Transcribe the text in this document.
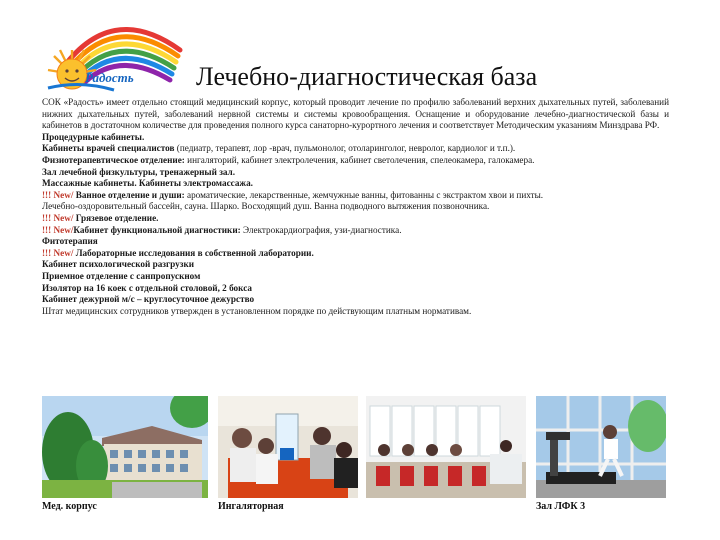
Радость Лечебно-диагностическая база

СОК «Радость» имеет отдельно стоящий медицинский корпус, который проводит лечение по профилю заболеваний верхних дыхательных путей, заболеваний нижних дыхательных путей, заболеваний нервной системы и системы кровообращения. Оснащение и оборудование лечебно-диагностической базы и кабинетов в достаточном количестве для проведения полного курса санаторно-курортного лечения и соответствует Методическим указаниям Минздрава РФ.

Процедурные кабинеты.

Кабинеты врачей специалистов (педиатр, терапевт, лор -врач, пульмонолог, отоларинголог, невролог, кардиолог и т.п.).

Физиотерапевтическое отделение: ингаляторий, кабинет электролечения, кабинет светолечения, спелеокамера, галокамера.

Зал лечебной физкультуры, тренажерный зал.

Массажные кабинеты. Кабинеты электромассажа.

!!! New/ Ванное отделение и души: ароматические, лекарственные, жемчужные ванны, фитованны с экстрактом хвои и пихты.

Лечебно-оздоровительный бассейн, сауна. Шарко. Восходящий душ. Ванна подводного вытяжения позвоночника.

!!! New/ Грязевое отделение.

!!! New/Кабинет функциональной диагностики: Электрокардиография, узи-диагностика.

Фитотерапия

!!! New/ Лабораторные исследования в собственной лаборатории.

Кабинет психологической разгрузки

Приемное отделение с санпропускном

Изолятор на 16 коек с отдельной столовой, 2 бокса

Кабинет дежурной м/с – круглосуточное дежурство

Штат медицинских сотрудников утвержден в установленном порядке по действующим платным нормативам.

Мед. корпус	Ингаляторная	Зал ЛФК 3
